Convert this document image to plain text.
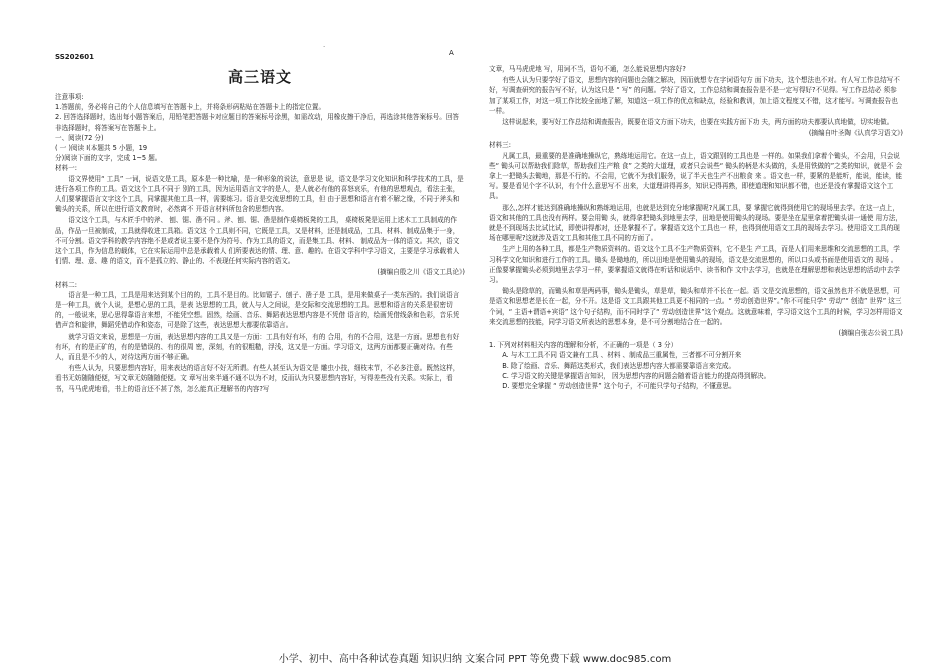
SS202601
·
高三语文

注意事项:

1.答题前，务必将自己的个人信息填写在答题卡上，并将条形码粘贴在答题卡上的指定位置。

2. 回答选择题时，选出每小题答案后，用铅笔把答题卡对应题目的答案标号涂黑，如需改动，用橡皮擦干净后，再选涂其他答案标号。回答非选择题时，将答案写在答题卡上。

一、阅读(72 分)

( 一 )阅读 I(本题共 5 小题，19

分)阅读下面的文字，完成 1~5 题。

材料一:

语文界使用“ 工具” 一词，说语文是工具，原本是一种比喻，是一种形象的说法，意思是 说，语文是学习文化知识和科学技术的工具，是进行各项工作的工具。语文这个工具不同于 别的工具，因为运用语言文字的是人，是人就必有他的喜怒哀乐，有他的思想观点，看法主张，人们要掌握语言文字这个工具，同掌握其他工具一样，需要练习。语言是交流思想的工具，但 由于思想和语言有着不解之缘，不同于斧头和锄头的关系，所以在进行语文教育时，必然离不 开语言材料所包含的思想内容。

语文这个工具，与木匠手中的斧、 刨、锯、凿不同 。斧、刨、锯、凿是制作桌椅板凳的工具， 桌椅板凳是运用上述木工工具制成的作品，作品一旦被制成，工具就得收进工具箱。语文这 个工具则不同，它既是工具，又是材料，还是制成品，工具、材料、制成品集于一身，不可分割。语文学科的教学内容绝不是或者说主要不是作为符号、作为工具的语文，而是集工具、材料、 制成品为一体的语文。其次，语文这个工具，作为信息的载体，它在实际运用中总是承载着人 们所要表达的情、理、意、趣的。在语文学科中学习语文，主要是学习承载着人们情、理、意、趣 的语文，而不是孤立的、静止的、不表现任何实际内容的语文。

(摘编自殷之川《语文工具论》)

材料二:

语言是一种工具，工具是用来达到某个目的的，工具不是目的。比如锯子、刨子、凿子是 工具，是用来做桌子一类东西的。我们说语言是一种工具，就个人说，是想心思的工具，是表 达思想的工具，就人与人之间说，是交际和交流思想的工具。思想和语言的关系是很密切的，一般说来，思心思得靠语言来想，不能凭空想。固然，绘画、音乐、舞蹈表达思想内容是不凭借 语言的，绘画凭借线条和色彩，音乐凭借声音和旋律，舞蹈凭借动作和姿态，可是除了这些，表达思想大都要依靠语言。

就学习语文来说，思想是一方面，表达思想内容的工具又是一方面：工具有好有坏，有的 合用，有的不合用，这是一方面。思想也有好有坏，有的是正矿的，有的是错误的、有的很周 密，深刻，有的很粗糙，浮浅，这又是一方面。学习语文，这两方面都要正确对待。有些人，而且是不少的人，对待这两方面不够正确。

有些人认为，只要思想内容好，用来表达的语言好不好无所谓。有些人甚至认为语文是 雕虫小技，细枝末节，不必多注意。既然这样，看书无妨随随便便，写文章无妨随随便便。文 章写出来半通不通不以为不对，反而认为只要思想内容好，写得差些没有关系。实际上，看 书，马马虎虎地看，书上的语言还不甚了然，怎么能真正理解书的内容?写

A

文章，马马虎虎地 写，用词不当，语句不通，怎么能说思想内容好?

有些人认为只要学好了语文，思想内容的问题也会随之解决，因而就想专在字词语句方 面下功夫，这个想法也不对。有人写工作总结写不好，写调查研究的报告写不好，认为这只是 “ 写” 的问题。学好了语文，工作总结和调查报告是不是一定写得好?不见得。写工作总结必 须参加了某项工作，对这一项工作比较全面地了解，知道这一项工作的优点和缺点，经验和教训，加上语文程度又不错，这才能写。写调查报告也一样。

这样说起来，要写好工作总结和调查报告，既要在语文方面下功夫，也要在实践方面下功 夫，两方面的功夫都要认真地做，切实地做。

(摘编自叶圣陶《认真学习语文》)

材料三:

凡属工具，最重要的是准确地操纵它，熟练地运用它。在这一点上，语文跟别的工具也是 一样的。如果我们拿着个锄头，不会用，只会说些“ 锄头可以帮助我们除草，帮助我们生产粮 食” 之类的大道理，或者只会说些“ 锄头的柄是木头做的，头是用铁做的”之类的知识，就是不 会拿上一把锄头去锄地，那是不行的。不会用，它就不为我们服务，说了半天也生产不出粮食 来 。语文也一样，要紧的是能听，能说，能读，能写。要是看见个字不认识，有个什么意思写不 出来，大道理讲得再多，知识记得再熟，即使道理和知识都不错，也还是没有掌握语文这个工具。

那么,怎样才能达到准确地操纵和熟练地运用，也就是达到充分地掌握呢?凡属工具，要 掌握它就得到使用它的现场里去学。在这一点上，语文和其他的工具也没有两样。要会用锄 头，就得拿把锄头到地里去学，田地是使用锄头的现场。要是坐在屋里拿着把锄头讲一通使 用方法，就是不到现场去比试比试，即使讲得都对，还是掌握不了。掌握语文这个工具也一 样，也得到使用语文工具的现场去学习。使用语文工具的现场在哪里呢?这就涉及语文工具和其他工具不同的方面了。

生产上用的各种工具，都是生产物质资料的。语文这个工具不生产物质资料，它不是生 产工具，而是人们用来思维和交流思想的工具，学习科学文化知识和进行工作的工具。锄头 是锄地的，所以田地是使用锄头的现场，语文是交流思想的，所以口头或书面是使用语文的 现场 。正像要掌握锄头必须到地里去学习一样，要掌握语文就得在听话和说话中、读书和作 文中去学习，也就是在理解思想和表达思想的活动中去学习。

锄头是除草的，而锄头和草是两码事，锄头是锄头，草是草，锄头和草并不长在一起。语 文是交流思想的，语文虽然也并不就是思想，可是语文和思想老是长在一起，分不开。这是语 文工具跟其他工具更不相同的一点。“ 劳动创造世界”。”你不可能只学“ 劳动”“ 创造” 世界” 这三个词，“ 主语+谓语+宾语” 这个句子结构，而不同时学了“ 劳动创造世界”这个观点。这就意味着，学习语文这个工具的时候，学习怎样用语文来交流思想的技能，同学习语文所表达的思想本身，是不可分割地结合在一起的。

(摘编自张志公说工具)

1. 下列对材料相关内容的理解和分析，不正确的一项是（ 3 分）

A. 与木工工具不同 语文兼有工具 、材料 、制成品三重属性，三者都不可分割开来

B. 除了绘画、音乐、舞蹈这类形式，我们表达思想内容大都需要靠语言来完成。

C. 学习语文的关键是掌握语言知识， 因为思想内容的问题会随着语言能力的提高得到解决。

D. 要想完全掌握 “ 劳动创造世界” 这个句子，不可能只学句子结构，不懂意思。

小学、初中、高中各种试卷真题 知识归纳 文案合同 PPT 等免费下载 www.doc985.com
